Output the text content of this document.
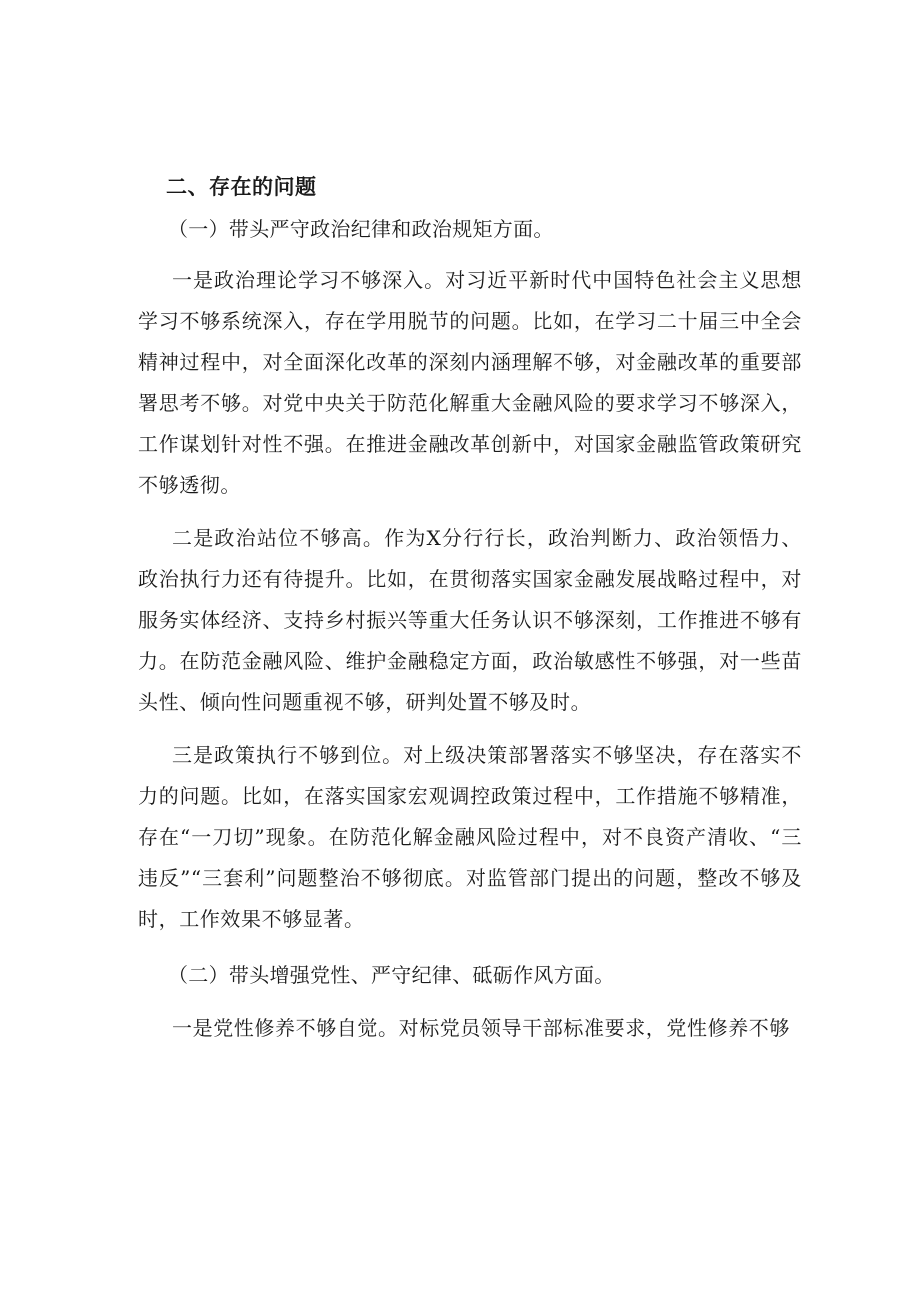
二、存在的问题

（一）带头严守政治纪律和政治规矩方面。

一是政治理论学习不够深入。对习近平新时代中国特色社会主义思想学习不够系统深入，存在学用脱节的问题。比如，在学习二十届三中全会精神过程中，对全面深化改革的深刻内涵理解不够，对金融改革的重要部署思考不够。对党中央关于防范化解重大金融风险的要求学习不够深入，工作谋划针对性不强。在推进金融改革创新中，对国家金融监管政策研究不够透彻。

二是政治站位不够高。作为X分行行长，政治判断力、政治领悟力、政治执行力还有待提升。比如，在贯彻落实国家金融发展战略过程中，对服务实体经济、支持乡村振兴等重大任务认识不够深刻，工作推进不够有力。在防范金融风险、维护金融稳定方面，政治敏感性不够强，对一些苗头性、倾向性问题重视不够，研判处置不够及时。

三是政策执行不够到位。对上级决策部署落实不够坚决，存在落实不力的问题。比如，在落实国家宏观调控政策过程中，工作措施不够精准，存在“一刀切”现象。在防范化解金融风险过程中，对不良资产清收、“三违反”“三套利”问题整治不够彻底。对监管部门提出的问题，整改不够及时，工作效果不够显著。

（二）带头增强党性、严守纪律、砥砺作风方面。

一是党性修养不够自觉。对标党员领导干部标准要求，党性修养不够
